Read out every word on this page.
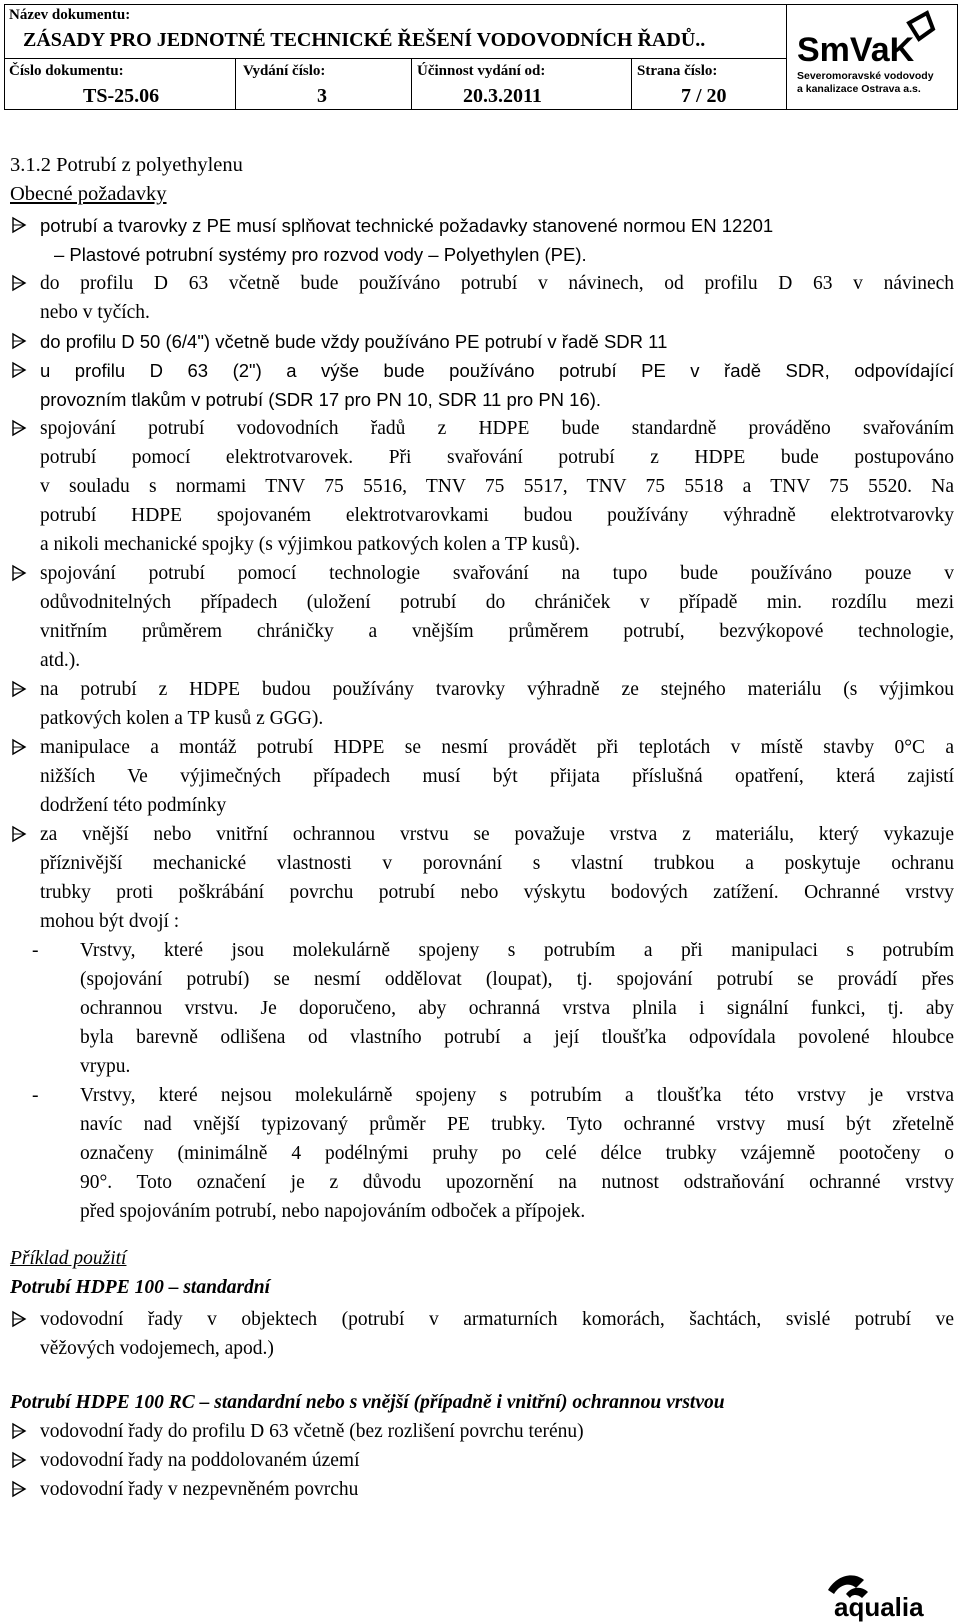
Název dokumentu:
ZÁSADY PRO JEDNOTNÉ TECHNICKÉ ŘEŠENÍ VODOVODNÍCH ŘADŮ..
Číslo dokumentu:
TS-25.06
Vydání číslo:
3
Účinnost vydání od:
20.3.2011
Strana číslo:
7 / 20
SmVaK
Severomoravské vodovody
a kanalizace Ostrava a.s.
3.1.2 Potrubí z polyethylenu
Obecné požadavky
potrubí a tvarovky z PE musí splňovat technické požadavky stanovené normou EN 12201
– Plastové potrubní systémy pro rozvod vody – Polyethylen (PE).
do profilu D 63 včetně bude používáno potrubí v návinech, od profilu D 63 v návinech
nebo v tyčích.
do profilu D 50 (6/4") včetně bude vždy používáno PE potrubí v řadě SDR 11
u profilu D 63 (2") a výše bude používáno potrubí PE v řadě SDR, odpovídající
provozním tlakům v potrubí (SDR 17 pro PN 10, SDR 11 pro PN 16).
spojování potrubí vodovodních řadů z HDPE bude standardně prováděno svařováním
potrubí pomocí elektrotvarovek. Při svařování potrubí z HDPE bude postupováno
v souladu s normami TNV 75 5516, TNV 75 5517, TNV 75 5518 a TNV 75 5520. Na
potrubí HDPE spojovaném elektrotvarovkami budou používány výhradně elektrotvarovky
a nikoli mechanické spojky (s výjimkou patkových kolen a TP kusů).
spojování potrubí pomocí technologie svařování na tupo bude používáno pouze v
odůvodnitelných případech (uložení potrubí do chrániček v případě min. rozdílu mezi
vnitřním průměrem chráničky a vnějším průměrem potrubí, bezvýkopové technologie,
atd.).
na potrubí z HDPE budou používány tvarovky výhradně ze stejného materiálu (s výjimkou
patkových kolen a TP kusů z GGG).
manipulace a montáž potrubí HDPE se nesmí provádět při teplotách v místě stavby 0°C a
nižších Ve výjimečných případech musí být přijata příslušná opatření, která zajistí
dodržení této podmínky
za vnější nebo vnitřní ochrannou vrstvu se považuje vrstva z materiálu, který vykazuje
příznivější mechanické vlastnosti v porovnání s vlastní trubkou a poskytuje ochranu
trubky proti poškrábání povrchu potrubí nebo výskytu bodových zatížení. Ochranné vrstvy
mohou být dvojí :
-	Vrstvy, které jsou molekulárně spojeny s potrubím a při manipulaci s potrubím
(spojování potrubí) se nesmí oddělovat (loupat), tj. spojování potrubí se provádí přes
ochrannou vrstvu. Je doporučeno, aby ochranná vrstva plnila i signální funkci, tj. aby
byla barevně odlišena od vlastního potrubí a její tloušťka odpovídala povolené hloubce
vrypu.
-	Vrstvy, které nejsou molekulárně spojeny s potrubím a tloušťka této vrstvy je vrstva
navíc nad vnější typizovaný průměr PE trubky. Tyto ochranné vrstvy musí být zřetelně
označeny (minimálně 4 podélnými pruhy po celé délce trubky vzájemně pootočeny o
90°. Toto označení je z důvodu upozornění na nutnost odstraňování ochranné vrstvy
před spojováním potrubí, nebo napojováním odboček a přípojek.
Příklad použití
Potrubí HDPE 100 – standardní
vodovodní řady v objektech (potrubí v armaturních komorách, šachtách, svislé potrubí ve
věžových vodojemech, apod.)
Potrubí HDPE 100 RC – standardní nebo s vnější (případně i vnitřní) ochrannou vrstvou
vodovodní řady do profilu D 63 včetně (bez rozlišení povrchu terénu)
vodovodní řady na poddolovaném území
vodovodní řady v nezpevněném povrchu
aqualia
